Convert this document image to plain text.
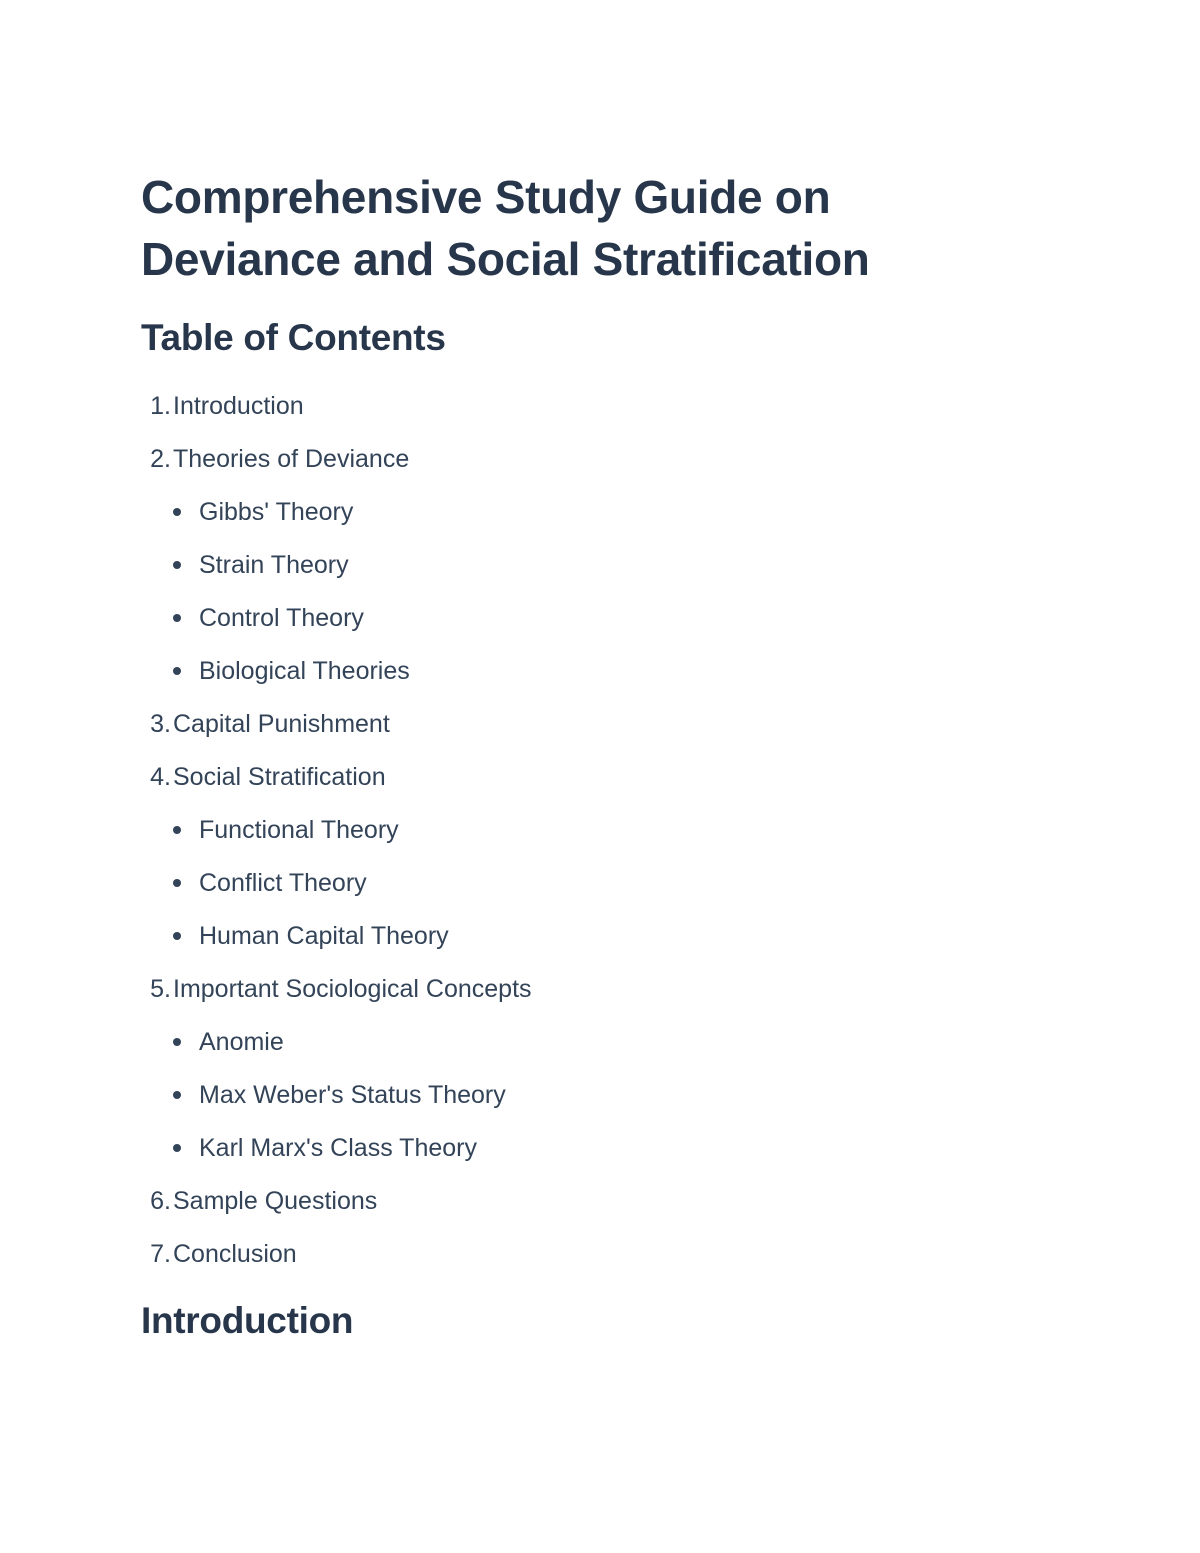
Comprehensive Study Guide on
Deviance and Social Stratification
Table of Contents
1.Introduction
2.Theories of Deviance
Gibbs' Theory
Strain Theory
Control Theory
Biological Theories
3.Capital Punishment
4.Social Stratification
Functional Theory
Conflict Theory
Human Capital Theory
5.Important Sociological Concepts
Anomie
Max Weber's Status Theory
Karl Marx's Class Theory
6.Sample Questions
7.Conclusion
Introduction
